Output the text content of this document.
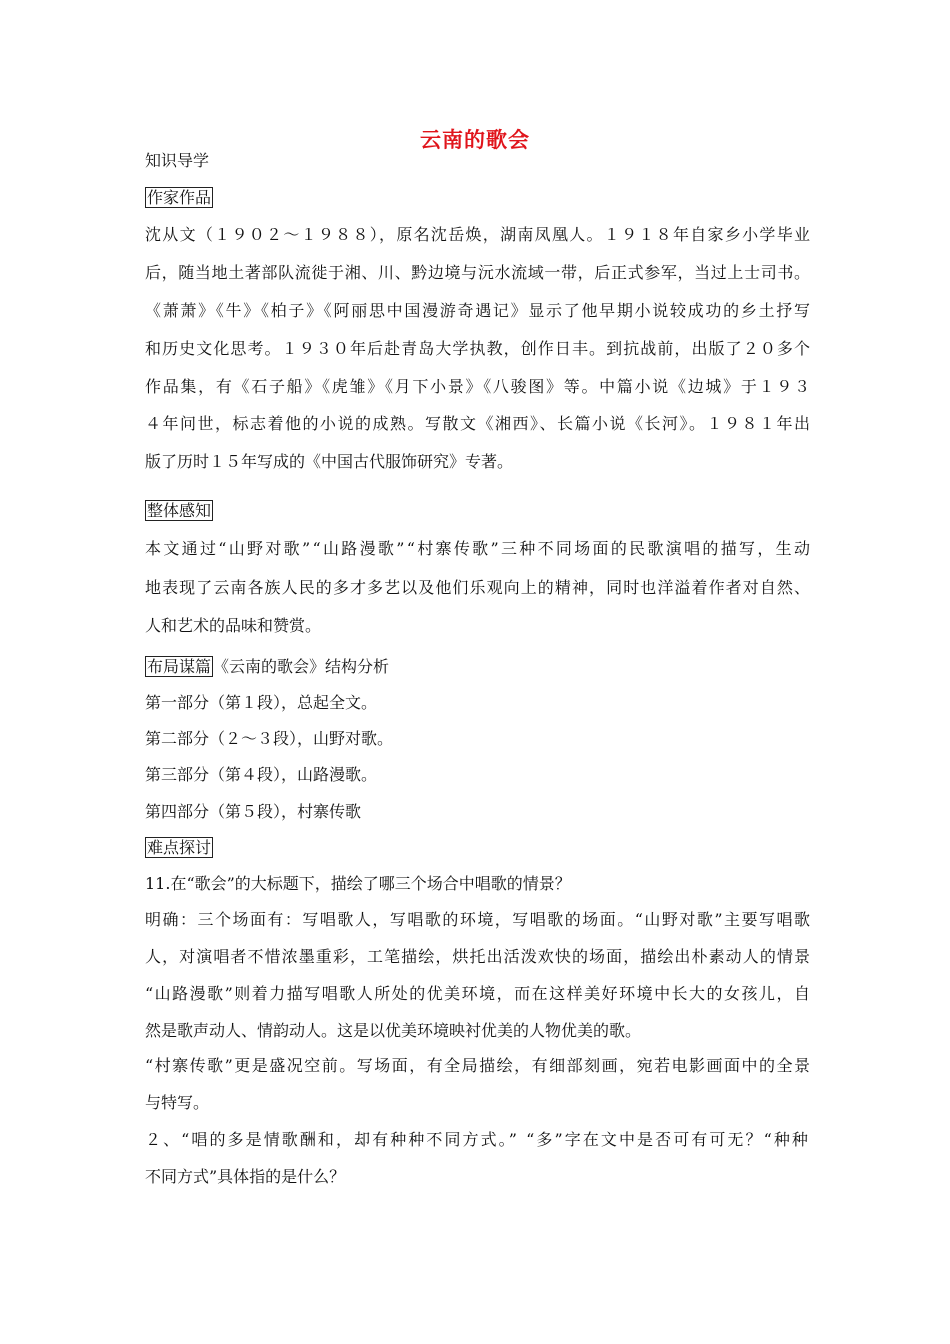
云南的歌会
知识导学
作家作品
沈从文（１９０２～１９８８），原名沈岳焕，湖南凤凰人。１９１８年自家乡小学毕业
后，随当地土著部队流徙于湘、川、黔边境与沅水流域一带，后正式参军，当过上士司书。
《萧萧》《牛》《柏子》《阿丽思中国漫游奇遇记》显示了他早期小说较成功的乡土抒写
和历史文化思考。１９３０年后赴青岛大学执教，创作日丰。到抗战前，出版了２０多个
作品集，有《石子船》《虎雏》《月下小景》《八骏图》等。中篇小说《边城》于１９３
４年问世，标志着他的小说的成熟。写散文《湘西》、长篇小说《长河》。１９８１年出
版了历时１５年写成的《中国古代服饰研究》专著。
整体感知
本文通过“山野对歌”“山路漫歌”“村寨传歌”三种不同场面的民歌演唱的描写，生动
地表现了云南各族人民的多才多艺以及他们乐观向上的精神，同时也洋溢着作者对自然、
人和艺术的品味和赞赏。
布局谋篇 《云南的歌会》结构分析
第一部分（第１段），总起全文。
第二部分（２～３段），山野对歌。
第三部分（第４段），山路漫歌。
第四部分（第５段），村寨传歌
难点探讨
11.在“歌会”的大标题下，描绘了哪三个场合中唱歌的情景？
明确：三个场面有：写唱歌人，写唱歌的环境，写唱歌的场面。“山野对歌”主要写唱歌
人，对演唱者不惜浓墨重彩，工笔描绘，烘托出活泼欢快的场面，描绘出朴素动人的情景
“山路漫歌”则着力描写唱歌人所处的优美环境，而在这样美好环境中长大的女孩儿，自
然是歌声动人、情韵动人。这是以优美环境映衬优美的人物优美的歌。
“村寨传歌”更是盛况空前。写场面，有全局描绘，有细部刻画，宛若电影画面中的全景
与特写。
２、“唱的多是情歌酬和，却有种种不同方式。” “多”字在文中是否可有可无？“种种
不同方式”具体指的是什么？
